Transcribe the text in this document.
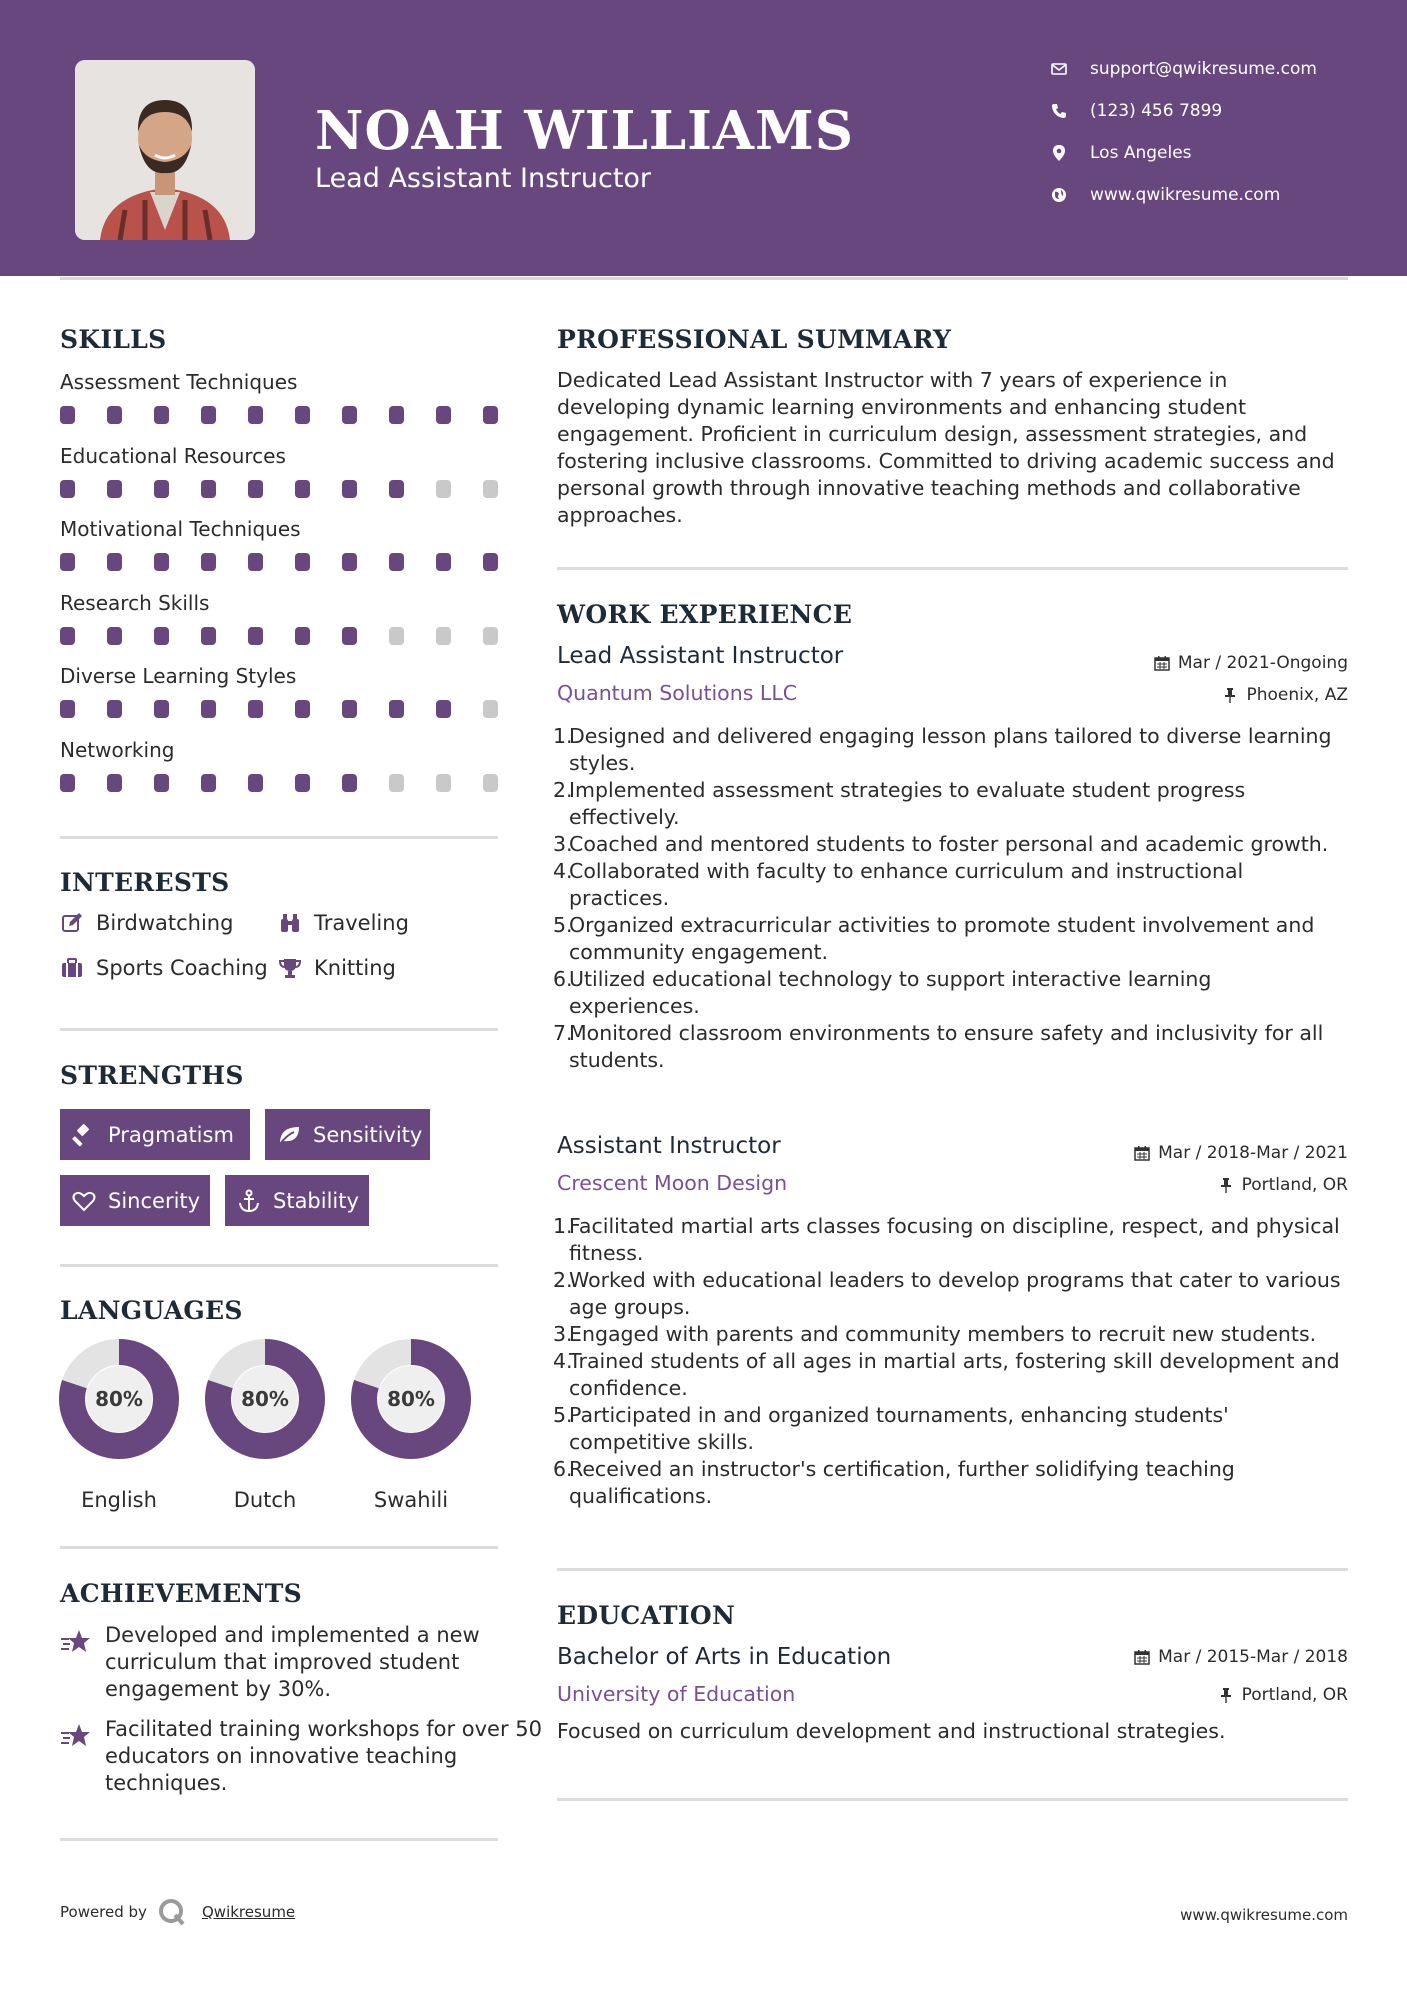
NOAH WILLIAMS
Lead Assistant Instructor
support@qwikresume.com
(123) 456 7899
Los Angeles
www.qwikresume.com
SKILLS
Assessment Techniques
Educational Resources
Motivational Techniques
Research Skills
Diverse Learning Styles
Networking
INTERESTS
Birdwatching	Traveling
Sports Coaching Knitting
STRENGTHS
Pragmatism	Sensitivity
Sincerity	Stability
LANGUAGES
80%
English
80%
Dutch
80%
Swahili
ACHIEVEMENTS
Developed and implemented a new curriculum that improved student engagement by 30%.
Facilitated training workshops for over 50 educators on innovative teaching techniques.
PROFESSIONAL SUMMARY
Dedicated Lead Assistant Instructor with 7 years of experience in developing dynamic learning environments and enhancing student engagement. Proficient in curriculum design, assessment strategies, and fostering inclusive classrooms. Committed to driving academic success and personal growth through innovative teaching methods and collaborative approaches.
WORK EXPERIENCE
Lead Assistant Instructor	Mar / 2021-Ongoing
Quantum Solutions LLC	Phoenix, AZ
1.
Designed and delivered engaging lesson plans tailored to diverse learning styles.
2.
Implemented assessment strategies to evaluate student progress effectively.
3.
Coached and mentored students to foster personal and academic growth.
4.
Collaborated with faculty to enhance curriculum and instructional practices.
5.
Organized extracurricular activities to promote student involvement and community engagement.
6.
Utilized educational technology to support interactive learning experiences.
7.
Monitored classroom environments to ensure safety and inclusivity for all students.
Assistant Instructor	Mar / 2018-Mar / 2021
Crescent Moon Design	Portland, OR
1.
Facilitated martial arts classes focusing on discipline, respect, and physical fitness.
2.
Worked with educational leaders to develop programs that cater to various age groups.
3.
Engaged with parents and community members to recruit new students.
4.
Trained students of all ages in martial arts, fostering skill development and confidence.
5.
Participated in and organized tournaments, enhancing students' competitive skills.
6.
Received an instructor's certification, further solidifying teaching qualifications.
EDUCATION
Bachelor of Arts in Education	Mar / 2015-Mar / 2018
University of Education	Portland, OR
Focused on curriculum development and instructional strategies.
Powered by	Qwikresume	www.qwikresume.com
